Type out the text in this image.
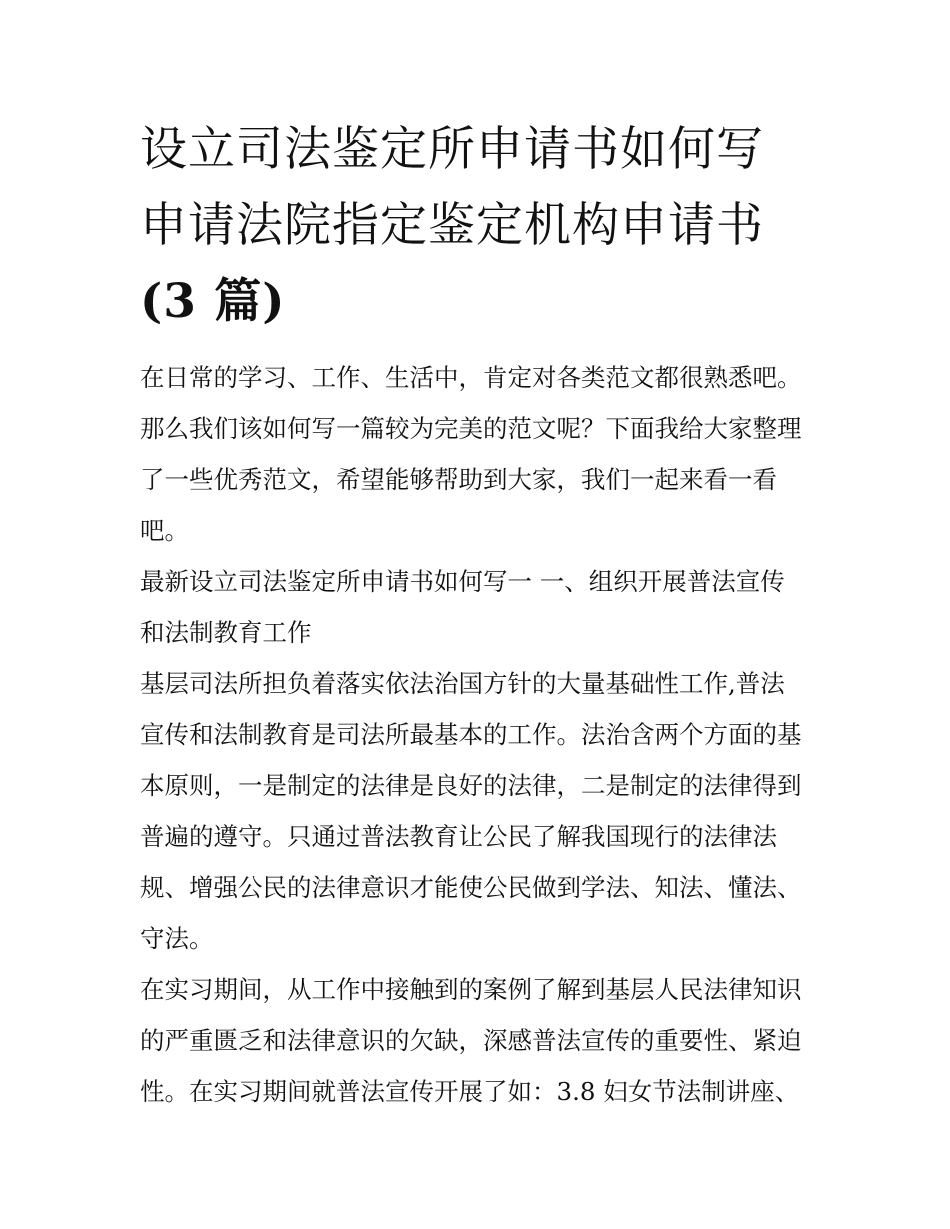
设立司法鉴定所申请书如何写
申请法院指定鉴定机构申请书
(3 篇)

在日常的学习、工作、生活中，肯定对各类范文都很熟悉吧。
那么我们该如何写一篇较为完美的范文呢？下面我给大家整理
了一些优秀范文，希望能够帮助到大家，我们一起来看一看
吧。

最新设立司法鉴定所申请书如何写一 一、组织开展普法宣传
和法制教育工作

基层司法所担负着落实依法治国方针的大量基础性工作,普法
宣传和法制教育是司法所最基本的工作。法治含两个方面的基
本原则，一是制定的法律是良好的法律，二是制定的法律得到
普遍的遵守。只通过普法教育让公民了解我国现行的法律法
规、增强公民的法律意识才能使公民做到学法、知法、懂法、
守法。

在实习期间，从工作中接触到的案例了解到基层人民法律知识
的严重匮乏和法律意识的欠缺，深感普法宣传的重要性、紧迫
性。在实习期间就普法宣传开展了如：3.8 妇女节法制讲座、
